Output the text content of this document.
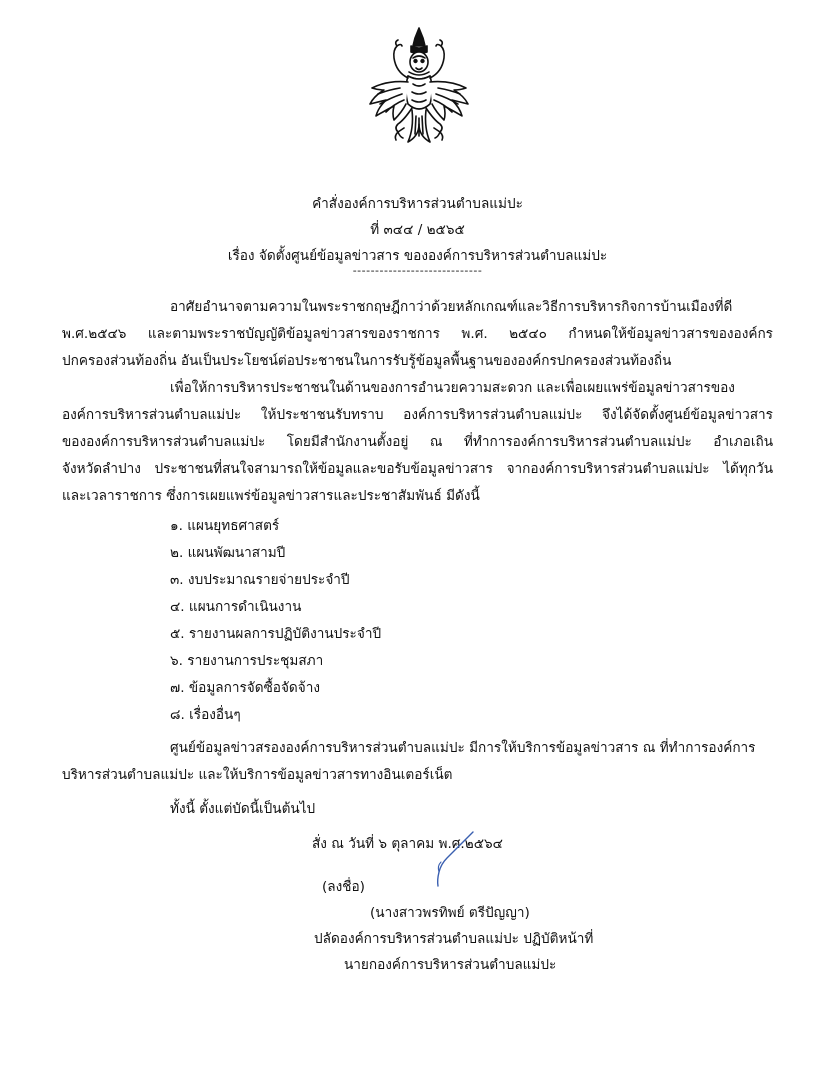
คำสั่งองค์การบริหารส่วนตำบลแม่ปะ
ที่ ๓๔๔ / ๒๕๖๕
เรื่อง จัดตั้งศูนย์ข้อมูลข่าวสาร ขององค์การบริหารส่วนตำบลแม่ปะ
-----------------------------
อาศัยอำนาจตามความในพระราชกฤษฎีกาว่าด้วยหลักเกณฑ์และวิธีการบริหารกิจการบ้านเมืองที่ดี
พ.ศ.๒๕๔๖ และตามพระราชบัญญัติข้อมูลข่าวสารของราชการ พ.ศ. ๒๕๔๐ กำหนดให้ข้อมูลข่าวสารขององค์กร
ปกครองส่วนท้องถิ่น อันเป็นประโยชน์ต่อประชาชนในการรับรู้ข้อมูลพื้นฐานขององค์กรปกครองส่วนท้องถิ่น
เพื่อให้การบริหารประชาชนในด้านของการอำนวยความสะดวก และเพื่อเผยแพร่ข้อมูลข่าวสารของ
องค์การบริหารส่วนตำบลแม่ปะ ให้ประชาชนรับทราบ องค์การบริหารส่วนตำบลแม่ปะ จึงได้จัดตั้งศูนย์ข้อมูลข่าวสาร
ขององค์การบริหารส่วนตำบลแม่ปะ โดยมีสำนักงานตั้งอยู่ ณ ที่ทำการองค์การบริหารส่วนตำบลแม่ปะ อำเภอเถิน
จังหวัดลำปาง ประชาชนที่สนใจสามารถให้ข้อมูลและขอรับข้อมูลข่าวสาร จากองค์การบริหารส่วนตำบลแม่ปะ ได้ทุกวัน
และเวลาราชการ ซึ่งการเผยแพร่ข้อมูลข่าวสารและประชาสัมพันธ์ มีดังนี้
๑. แผนยุทธศาสตร์
๒. แผนพัฒนาสามปี
๓. งบประมาณรายจ่ายประจำปี
๔. แผนการดำเนินงาน
๕. รายงานผลการปฏิบัติงานประจำปี
๖. รายงานการประชุมสภา
๗. ข้อมูลการจัดซื้อจัดจ้าง
๘. เรื่องอื่นๆ
ศูนย์ข้อมูลข่าวสรององค์การบริหารส่วนตำบลแม่ปะ มีการให้บริการข้อมูลข่าวสาร ณ ที่ทำการองค์การ
บริหารส่วนตำบลแม่ปะ และให้บริการข้อมูลข่าวสารทางอินเตอร์เน็ต
ทั้งนี้ ตั้งแต่บัดนี้เป็นต้นไป
สั่ง ณ วันที่ ๖ ตุลาคม พ.ศ.๒๕๖๔
(ลงชื่อ)
(นางสาวพรทิพย์ ตรีปัญญา)
ปลัดองค์การบริหารส่วนตำบลแม่ปะ ปฏิบัติหน้าที่
นายกองค์การบริหารส่วนตำบลแม่ปะ
